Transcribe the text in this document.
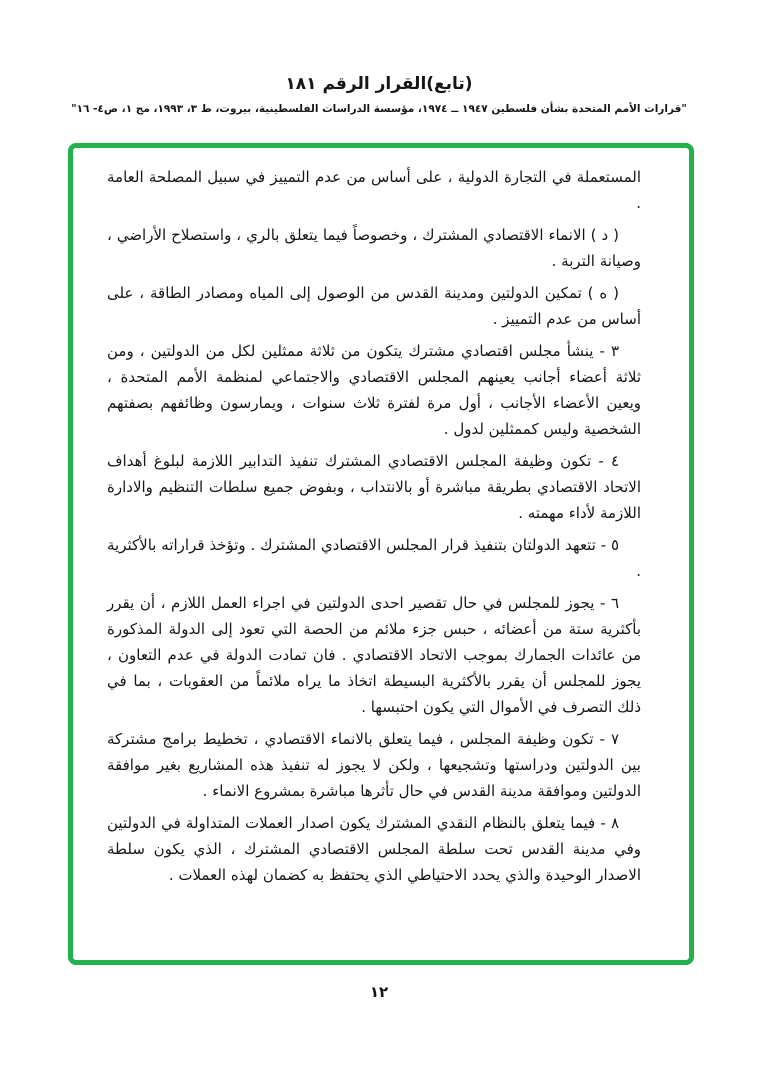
(تابع)القرار الرقم ١٨١
"قرارات الأمم المتحدة بشأن فلسطين ١٩٤٧ ــ ١٩٧٤، مؤسسة الدراسات الفلسطينية، بيروت، ط ٣، ١٩٩٣، مج ١، ص٤- ١٦"

المستعملة في التجارة الدولية ، على أساس من عدم التمييز في سبيل المصلحة العامة .

( د ) الانماء الاقتصادي المشترك ، وخصوصاً فيما يتعلق بالري ، واستصلاح الأراضي ، وصيانة التربة .

( ه ) تمكين الدولتين ومدينة القدس من الوصول إلى المياه ومصادر الطاقة ، على أساس من عدم التمييز .

٣ - ينشأ مجلس اقتصادي مشترك يتكون من ثلاثة ممثلين لكل من الدولتين ، ومن ثلاثة أعضاء أجانب يعينهم المجلس الاقتصادي والاجتماعي لمنظمة الأمم المتحدة ، ويعين الأعضاء الأجانب ، أول مرة لفترة ثلاث سنوات ، ويمارسون وظائفهم بصفتهم الشخصية وليس كممثلين لدول .

٤ - تكون وظيفة المجلس الاقتصادي المشترك تنفيذ التدابير اللازمة لبلوغ أهداف الاتحاد الاقتصادي بطريقة مباشرة أو بالانتداب ، وبفوض جميع سلطات التنظيم والادارة اللازمة لأداء مهمته .

٥ - تتعهد الدولتان بتنفيذ قرار المجلس الاقتصادي المشترك . وتؤخذ قراراته بالأكثرية .

٦ - يجوز للمجلس في حال تقصير احدى الدولتين في اجراء العمل اللازم ، أن يقرر بأكثرية ستة من أعضائه ، حبس جزء ملائم من الحصة التي تعود إلى الدولة المذكورة من عائدات الجمارك بموجب الاتحاد الاقتصادي . فان تمادت الدولة في عدم التعاون ، يجوز للمجلس أن يقرر بالأكثرية البسيطة اتخاذ ما يراه ملائماً من العقوبات ، بما في ذلك التصرف في الأموال التي يكون احتبسها .

٧ - تكون وظيفة المجلس ، فيما يتعلق بالانماء الاقتصادي ، تخطيط برامج مشتركة بين الدولتين ودراستها وتشجيعها ، ولكن لا يجوز له تنفيذ هذه المشاريع بغير موافقة الدولتين وموافقة مدينة القدس في حال تأثرها مباشرة بمشروع الانماء .

٨ - فيما يتعلق بالنظام النقدي المشترك يكون اصدار العملات المتداولة في الدولتين وفي مدينة القدس تحت سلطة المجلس الاقتصادي المشترك ، الذي يكون سلطة الاصدار الوحيدة والذي يحدد الاحتياطي الذي يحتفظ به كضمان لهذه العملات .

١٢
